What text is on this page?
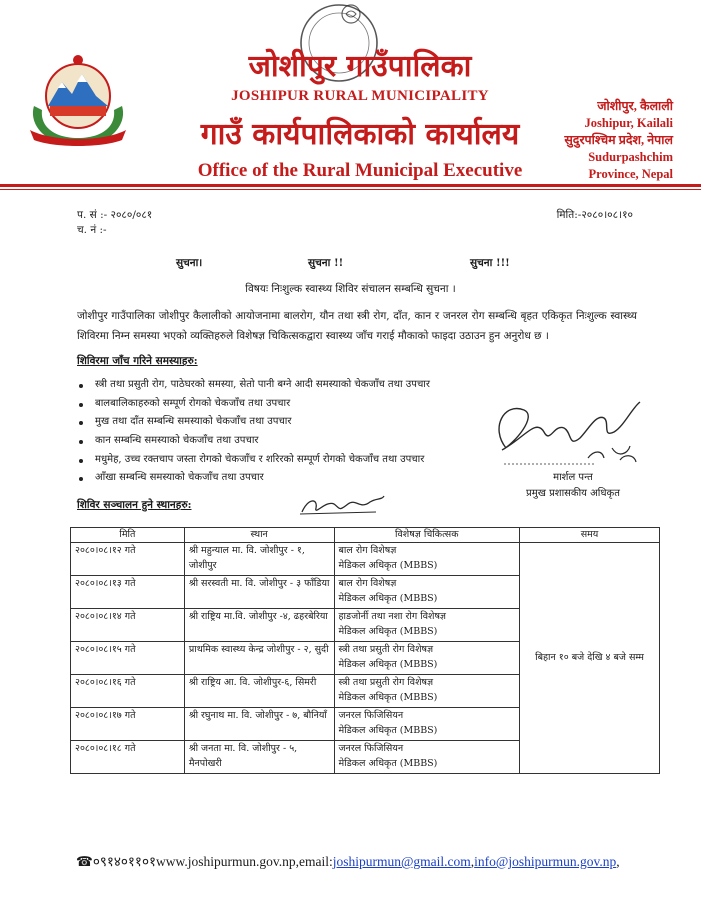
जोशीपुर गाउँपालिका
JOSHIPUR RURAL MUNICIPALITY
गाउँ कार्यपालिकाको कार्यालय
Office of the Rural Municipal Executive
जोशीपुर, कैलाली
Joshipur, Kailali
सुदुरपश्चिम प्रदेश, नेपाल
Sudurpashchim
Province, Nepal
प. सं :- २०८०/०८१
च. नं :-
मिति:-२०८०।०८।१०
सुचना।	सुचना !!	सुचना !!!
विषयः निःशुल्क स्वास्थ्य शिविर संचालन सम्बन्धि सुचना ।
जोशीपुर गाउँपालिका जोशीपुर कैलालीको आयोजनामा बालरोग, यौन तथा स्त्री रोग, दाँत, कान र जनरल रोग सम्बन्धि बृहत एकिकृत निःशुल्क स्वास्थ्य शिविरमा निम्न समस्या भएको व्यक्तिहरुले विशेषज्ञ चिकित्सकद्वारा स्वास्थ्य जाँच गराई मौकाको फाइदा उठाउन हुन अनुरोध छ ।
शिविरमा जाँच गरिने समस्याहरु:
स्त्री तथा प्रसुती रोग, पाठेघरको समस्या, सेतो पानी बग्ने आदी समस्याको चेकजाँच तथा उपचार
बालबालिकाहरुको सम्पूर्ण रोगको चेकजाँच तथा उपचार
मुख तथा दाँत सम्बन्धि समस्याको चेकजाँच तथा उपचार
कान सम्बन्धि समस्याको चेकजाँच तथा उपचार
मधुमेह, उच्च रक्तचाप जस्ता रोगको चेकजाँच र शरिरको सम्पूर्ण रोगको चेकजाँच तथा उपचार
आँखा सम्बन्धि समस्याको चेकजाँच तथा उपचार	मार्शल पन्त
प्रमुख प्रशासकीय अधिकृत
शिविर सञ्चालन हुने स्थानहरु:
मिति	स्थान	विशेषज्ञ चिकित्सक	समय
२०८०।०८।१२ गते	श्री महुन्याल मा. वि. जोशीपुर - १, जोशीपुर	बाल रोग विशेषज्ञ
मेडिकल अधिकृत (MBBS)	बिहान १० बजे देखि ४ बजे सम्म

२०८०।०८।१३ गते	श्री सरस्वती मा. वि. जोशीपुर - ३ फाँडिया	बाल रोग विशेषज्ञ
मेडिकल अधिकृत (MBBS)	

२०८०।०८।१४ गते	श्री राष्ट्रिय मा.वि. जोशीपुर -४, ढहरबेरिया	हाडजोर्नी तथा नशा रोग विशेषज्ञ
मेडिकल अधिकृत (MBBS)	

२०८०।०८।१५ गते	प्राथमिक स्वास्थ्य केन्द्र जोशीपुर - २, सुदी	स्त्री तथा प्रसुती रोग विशेषज्ञ
मेडिकल अधिकृत (MBBS)	

२०८०।०८।१६ गते	श्री राष्ट्रिय आ. वि. जोशीपुर-६, सिमरी	स्त्री तथा प्रसुती रोग विशेषज्ञ
मेडिकल अधिकृत (MBBS)	

२०८०।०८।१७ गते	श्री रघुनाथ मा. वि. जोशीपुर - ७, बौनियाँ	जनरल फिजिसियन
मेडिकल अधिकृत (MBBS)	

२०८०।०८।१८ गते	श्री जनता मा. वि. जोशीपुर - ५, मैनपोखरी	जनरल फिजिसियन
मेडिकल अधिकृत (MBBS)	
☎०९१४०११०१www.joshipurmun.gov.np,email:joshipurmun@gmail.com,info@joshipurmun.gov.np,
